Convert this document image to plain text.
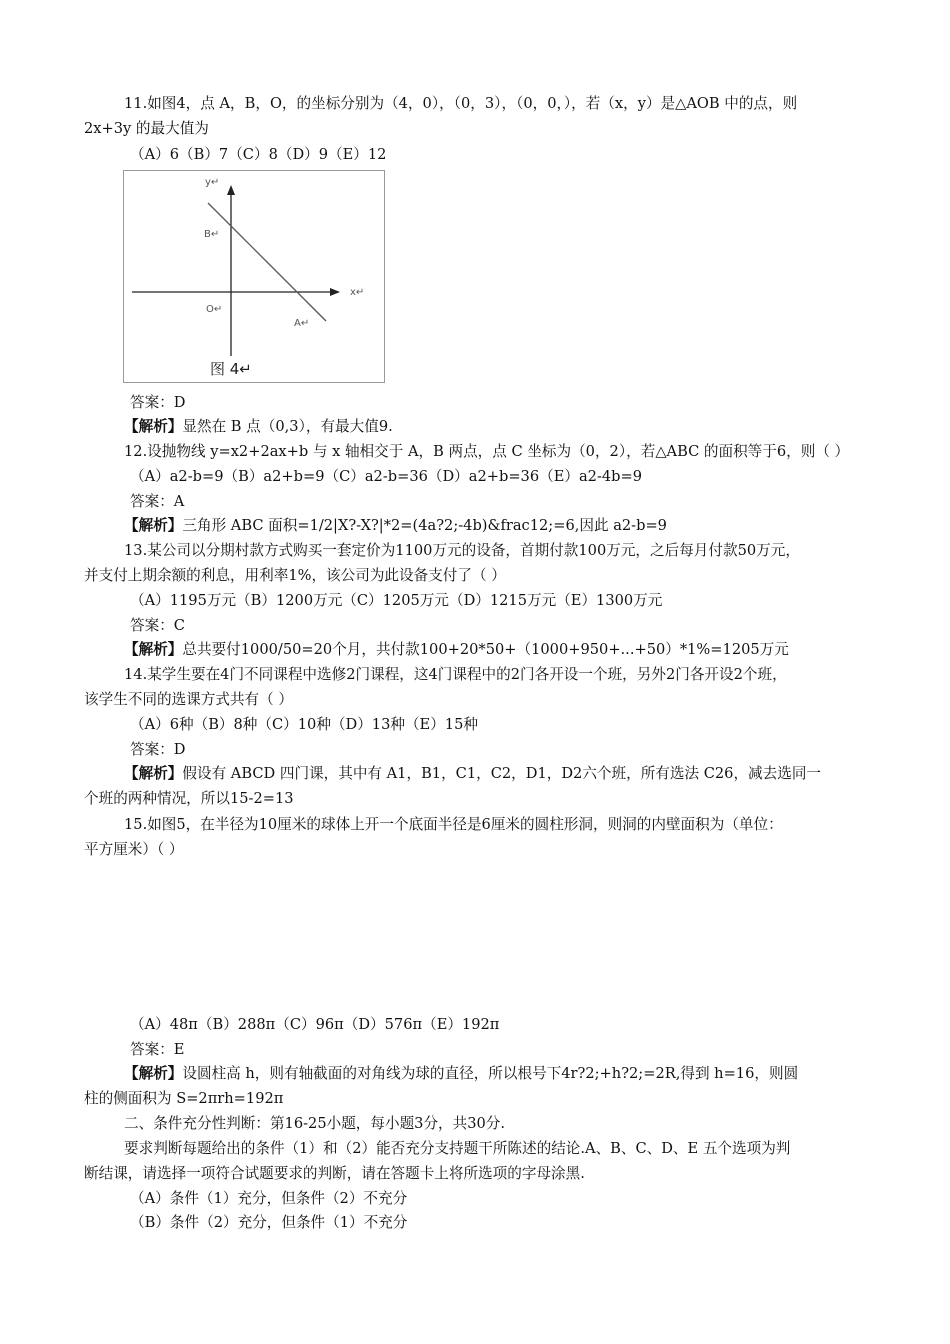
11.如图4，点 A，B，O，的坐标分别为（4，0），（0，3），（0，0，），若（x，y）是△AOB 中的点，则
2x+3y 的最大值为
（A）6（B）7（C）8（D）9（E）12
y↵
x↵
B↵
O↵
A↵
图 4↵
答案：D
【解析】显然在 B 点（0,3），有最大值9.
12.设抛物线 y=x2+2ax+b 与 x 轴相交于 A，B 两点，点 C 坐标为（0，2），若△ABC 的面积等于6，则（ ）
（A）a2-b=9（B）a2+b=9（C）a2-b=36（D）a2+b=36（E）a2-4b=9
答案：A
【解析】三角形 ABC 面积=1/2|X?-X?|*2=(4a?2;-4b)&frac12;=6,因此 a2-b=9
13.某公司以分期村款方式购买一套定价为1100万元的设备，首期付款100万元，之后每月付款50万元，
并支付上期余额的利息，用利率1%，该公司为此设备支付了（ ）
（A）1195万元（B）1200万元（C）1205万元（D）1215万元（E）1300万元
答案：C
【解析】总共要付1000/50=20个月，共付款100+20*50+（1000+950+...+50）*1%=1205万元
14.某学生要在4门不同课程中选修2门课程，这4门课程中的2门各开设一个班，另外2门各开设2个班，
该学生不同的选课方式共有（ ）
（A）6种（B）8种（C）10种（D）13种（E）15种
答案：D
【解析】假设有 ABCD 四门课，其中有 A1，B1，C1，C2，D1，D2六个班，所有选法 C26，减去选同一
个班的两种情况，所以15-2=13
15.如图5，在半径为10厘米的球体上开一个底面半径是6厘米的圆柱形洞，则洞的内壁面积为（单位：
平方厘米）（ ）
（A）48π（B）288π（C）96π（D）576π（E）192π
答案：E
【解析】设圆柱高 h，则有轴截面的对角线为球的直径，所以根号下4r?2;+h?2;=2R,得到 h=16，则圆
柱的侧面积为 S=2πrh=192π
二、条件充分性判断：第16-25小题，每小题3分，共30分.
要求判断每题给出的条件（1）和（2）能否充分支持题干所陈述的结论.A、B、C、D、E 五个选项为判
断结课，请选择一项符合试题要求的判断，请在答题卡上将所选项的字母涂黑.
（A）条件（1）充分，但条件（2）不充分
（B）条件（2）充分，但条件（1）不充分
